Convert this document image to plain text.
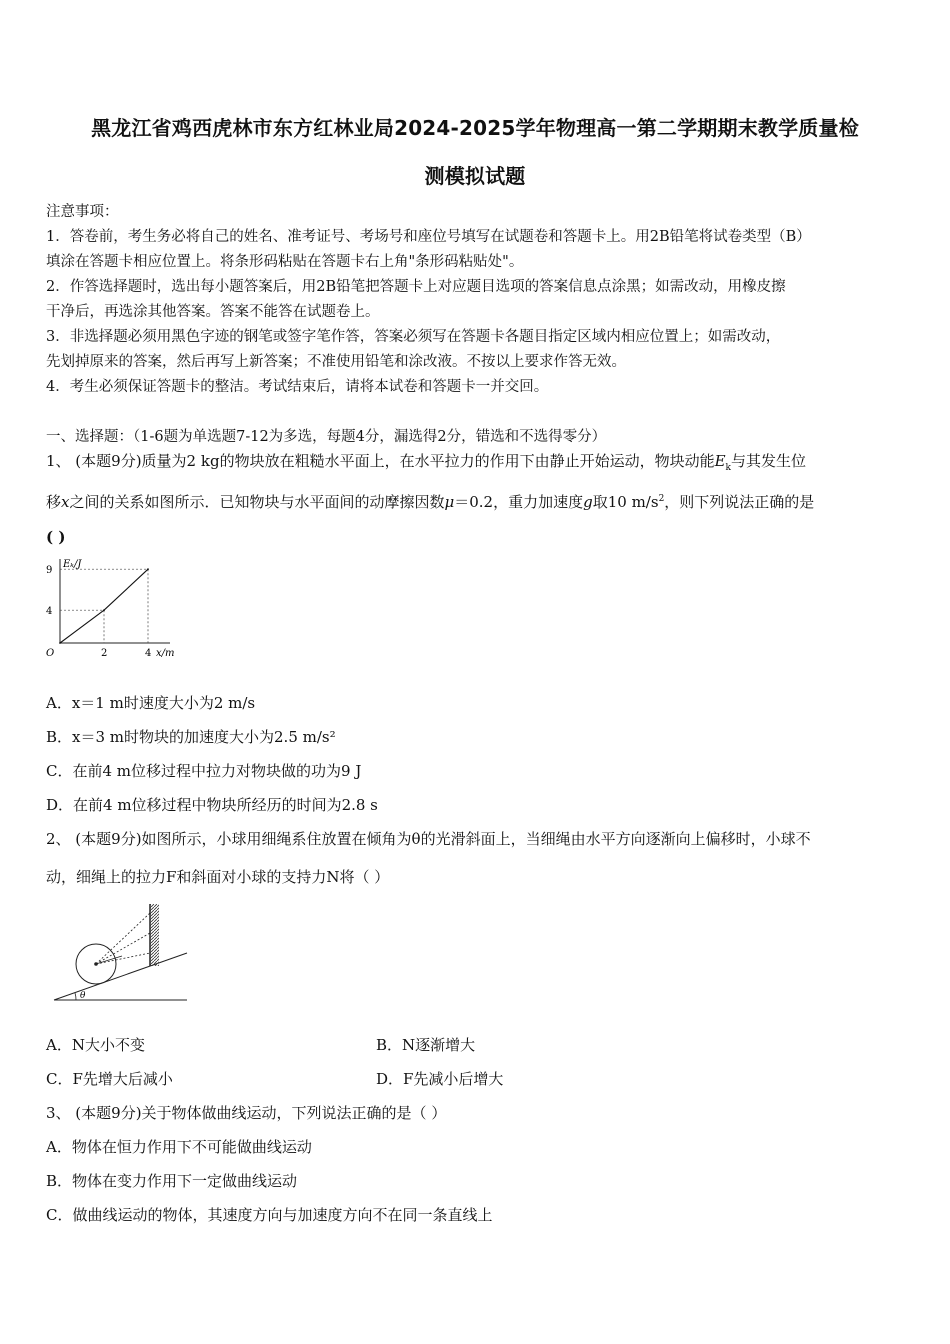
黑龙江省鸡西虎林市东方红林业局2024-2025学年物理高一第二学期期末教学质量检
测模拟试题
注意事项：
1．答卷前，考生务必将自己的姓名、准考证号、考场号和座位号填写在试题卷和答题卡上。用2B铅笔将试卷类型（B）
填涂在答题卡相应位置上。将条形码粘贴在答题卡右上角"条形码粘贴处"。
2．作答选择题时，选出每小题答案后，用2B铅笔把答题卡上对应题目选项的答案信息点涂黑；如需改动，用橡皮擦
干净后，再选涂其他答案。答案不能答在试题卷上。
3．非选择题必须用黑色字迹的钢笔或签字笔作答，答案必须写在答题卡各题目指定区域内相应位置上；如需改动，
先划掉原来的答案，然后再写上新答案；不准使用铅笔和涂改液。不按以上要求作答无效。
4．考生必须保证答题卡的整洁。考试结束后，请将本试卷和答题卡一并交回。
一、选择题：（1-6题为单选题7-12为多选，每题4分，漏选得2分，错选和不选得零分）
1、 (本题9分)质量为2 kg的物块放在粗糙水平面上，在水平拉力的作用下由静止开始运动，物块动能$E_k$与其发生位
移x之间的关系如图所示．已知物块与水平面间的动摩擦因数μ＝0.2，重力加速度g取10 $m/s^2$，则下列说法正确的是
( )
2	4
4
9
O
Eₖ/J
x/m
A．x＝1 m时速度大小为2 m/s
B．x＝3 m时物块的加速度大小为2.5 m/s²
C．在前4 m位移过程中拉力对物块做的功为9 J
D．在前4 m位移过程中物块所经历的时间为2.8 s
2、 (本题9分)如图所示，小球用细绳系住放置在倾角为θ的光滑斜面上，当细绳由水平方向逐渐向上偏移时，小球不
动，细绳上的拉力F和斜面对小球的支持力N将（ ）
θ
A．N大小不变	B．N逐渐增大
C．F先增大后减小	D．F先减小后增大
3、 (本题9分)关于物体做曲线运动，下列说法正确的是（ ）
A．物体在恒力作用下不可能做曲线运动
B．物体在变力作用下一定做曲线运动
C．做曲线运动的物体，其速度方向与加速度方向不在同一条直线上
